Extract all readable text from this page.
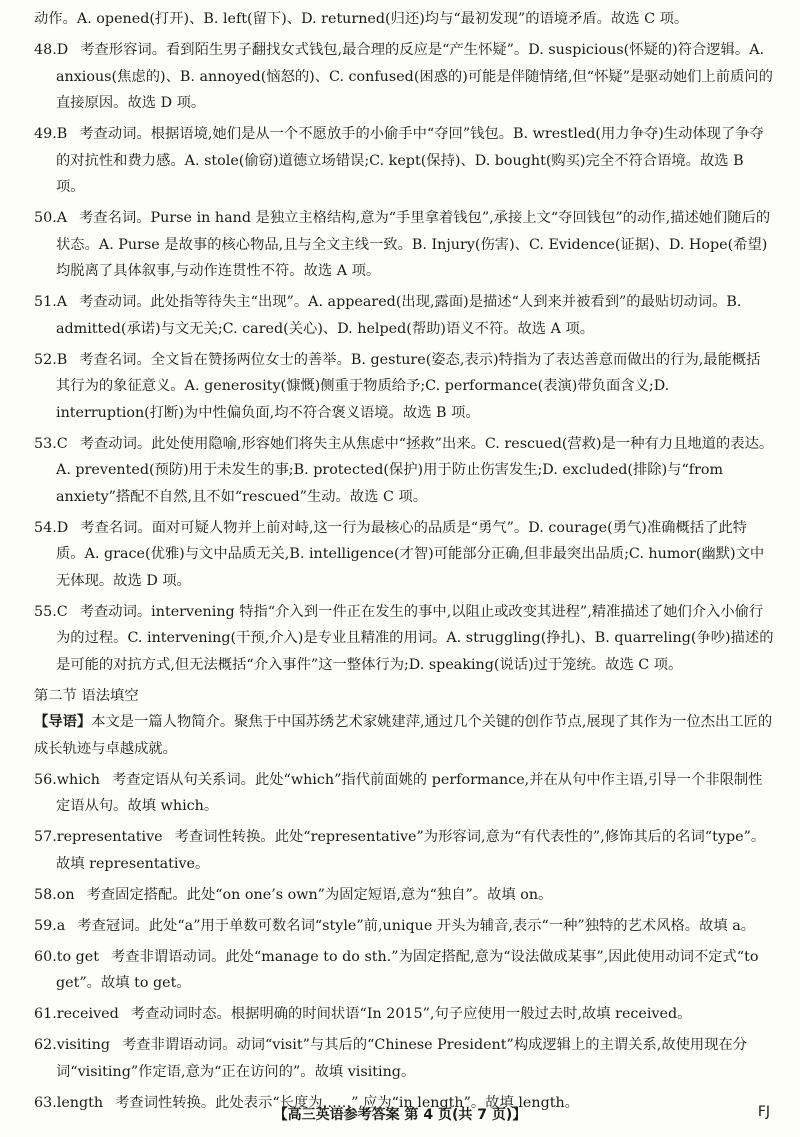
动作。A. opened(打开)、B. left(留下)、D. returned(归还)均与“最初发现”的语境矛盾。故选 C 项。

48.D 考查形容词。看到陌生男子翻找女式钱包,最合理的反应是“产生怀疑”。D. suspicious(怀疑的)符合逻辑。A. anxious(焦虑的)、B. annoyed(恼怒的)、C. confused(困惑的)可能是伴随情绪,但“怀疑”是驱动她们上前质问的直接原因。故选 D 项。

49.B 考查动词。根据语境,她们是从一个不愿放手的小偷手中“夺回”钱包。B. wrestled(用力争夺)生动体现了争夺的对抗性和费力感。A. stole(偷窃)道德立场错误;C. kept(保持)、D. bought(购买)完全不符合语境。故选 B 项。

50.A 考查名词。Purse in hand 是独立主格结构,意为“手里拿着钱包”,承接上文“夺回钱包”的动作,描述她们随后的状态。A. Purse 是故事的核心物品,且与全文主线一致。B. Injury(伤害)、C. Evidence(证据)、D. Hope(希望)均脱离了具体叙事,与动作连贯性不符。故选 A 项。

51.A 考查动词。此处指等待失主“出现”。A. appeared(出现,露面)是描述“人到来并被看到”的最贴切动词。B. admitted(承诺)与文无关;C. cared(关心)、D. helped(帮助)语义不符。故选 A 项。

52.B 考查名词。全文旨在赞扬两位女士的善举。B. gesture(姿态,表示)特指为了表达善意而做出的行为,最能概括其行为的象征意义。A. generosity(慷慨)侧重于物质给予;C. performance(表演)带负面含义;D. interruption(打断)为中性偏负面,均不符合褒义语境。故选 B 项。

53.C 考查动词。此处使用隐喻,形容她们将失主从焦虑中“拯救”出来。C. rescued(营救)是一种有力且地道的表达。A. prevented(预防)用于未发生的事;B. protected(保护)用于防止伤害发生;D. excluded(排除)与“from anxiety”搭配不自然,且不如“rescued”生动。故选 C 项。

54.D 考查名词。面对可疑人物并上前对峙,这一行为最核心的品质是“勇气”。D. courage(勇气)准确概括了此特质。A. grace(优雅)与文中品质无关,B. intelligence(才智)可能部分正确,但非最突出品质;C. humor(幽默)文中无体现。故选 D 项。

55.C 考查动词。intervening 特指“介入到一件正在发生的事中,以阻止或改变其进程”,精准描述了她们介入小偷行为的过程。C. intervening(干预,介入)是专业且精准的用词。A. struggling(挣扎)、B. quarreling(争吵)描述的是可能的对抗方式,但无法概括“介入事件”这一整体行为;D. speaking(说话)过于笼统。故选 C 项。

第二节 语法填空

【导语】本文是一篇人物简介。聚焦于中国苏绣艺术家姚建萍,通过几个关键的创作节点,展现了其作为一位杰出工匠的成长轨迹与卓越成就。

56.which 考查定语从句关系词。此处“which”指代前面姚的 performance,并在从句中作主语,引导一个非限制性定语从句。故填 which。

57.representative 考查词性转换。此处“representative”为形容词,意为“有代表性的”,修饰其后的名词“type”。故填 representative。

58.on 考查固定搭配。此处“on one’s own”为固定短语,意为“独自”。故填 on。

59.a 考查冠词。此处“a”用于单数可数名词“style”前,unique 开头为辅音,表示“一种”独特的艺术风格。故填 a。

60.to get 考查非谓语动词。此处“manage to do sth.”为固定搭配,意为“设法做成某事”,因此使用动词不定式“to get”。故填 to get。

61.received 考查动词时态。根据明确的时间状语“In 2015”,句子应使用一般过去时,故填 received。

62.visiting 考查非谓语动词。动词“visit”与其后的“Chinese President”构成逻辑上的主谓关系,故使用现在分词“visiting”作定语,意为“正在访问的”。故填 visiting。

63.length 考查词性转换。此处表示“长度为……”,应为“in length”。故填 length。

【高三英语参考答案 第 4 页(共 7 页)】	FJ
